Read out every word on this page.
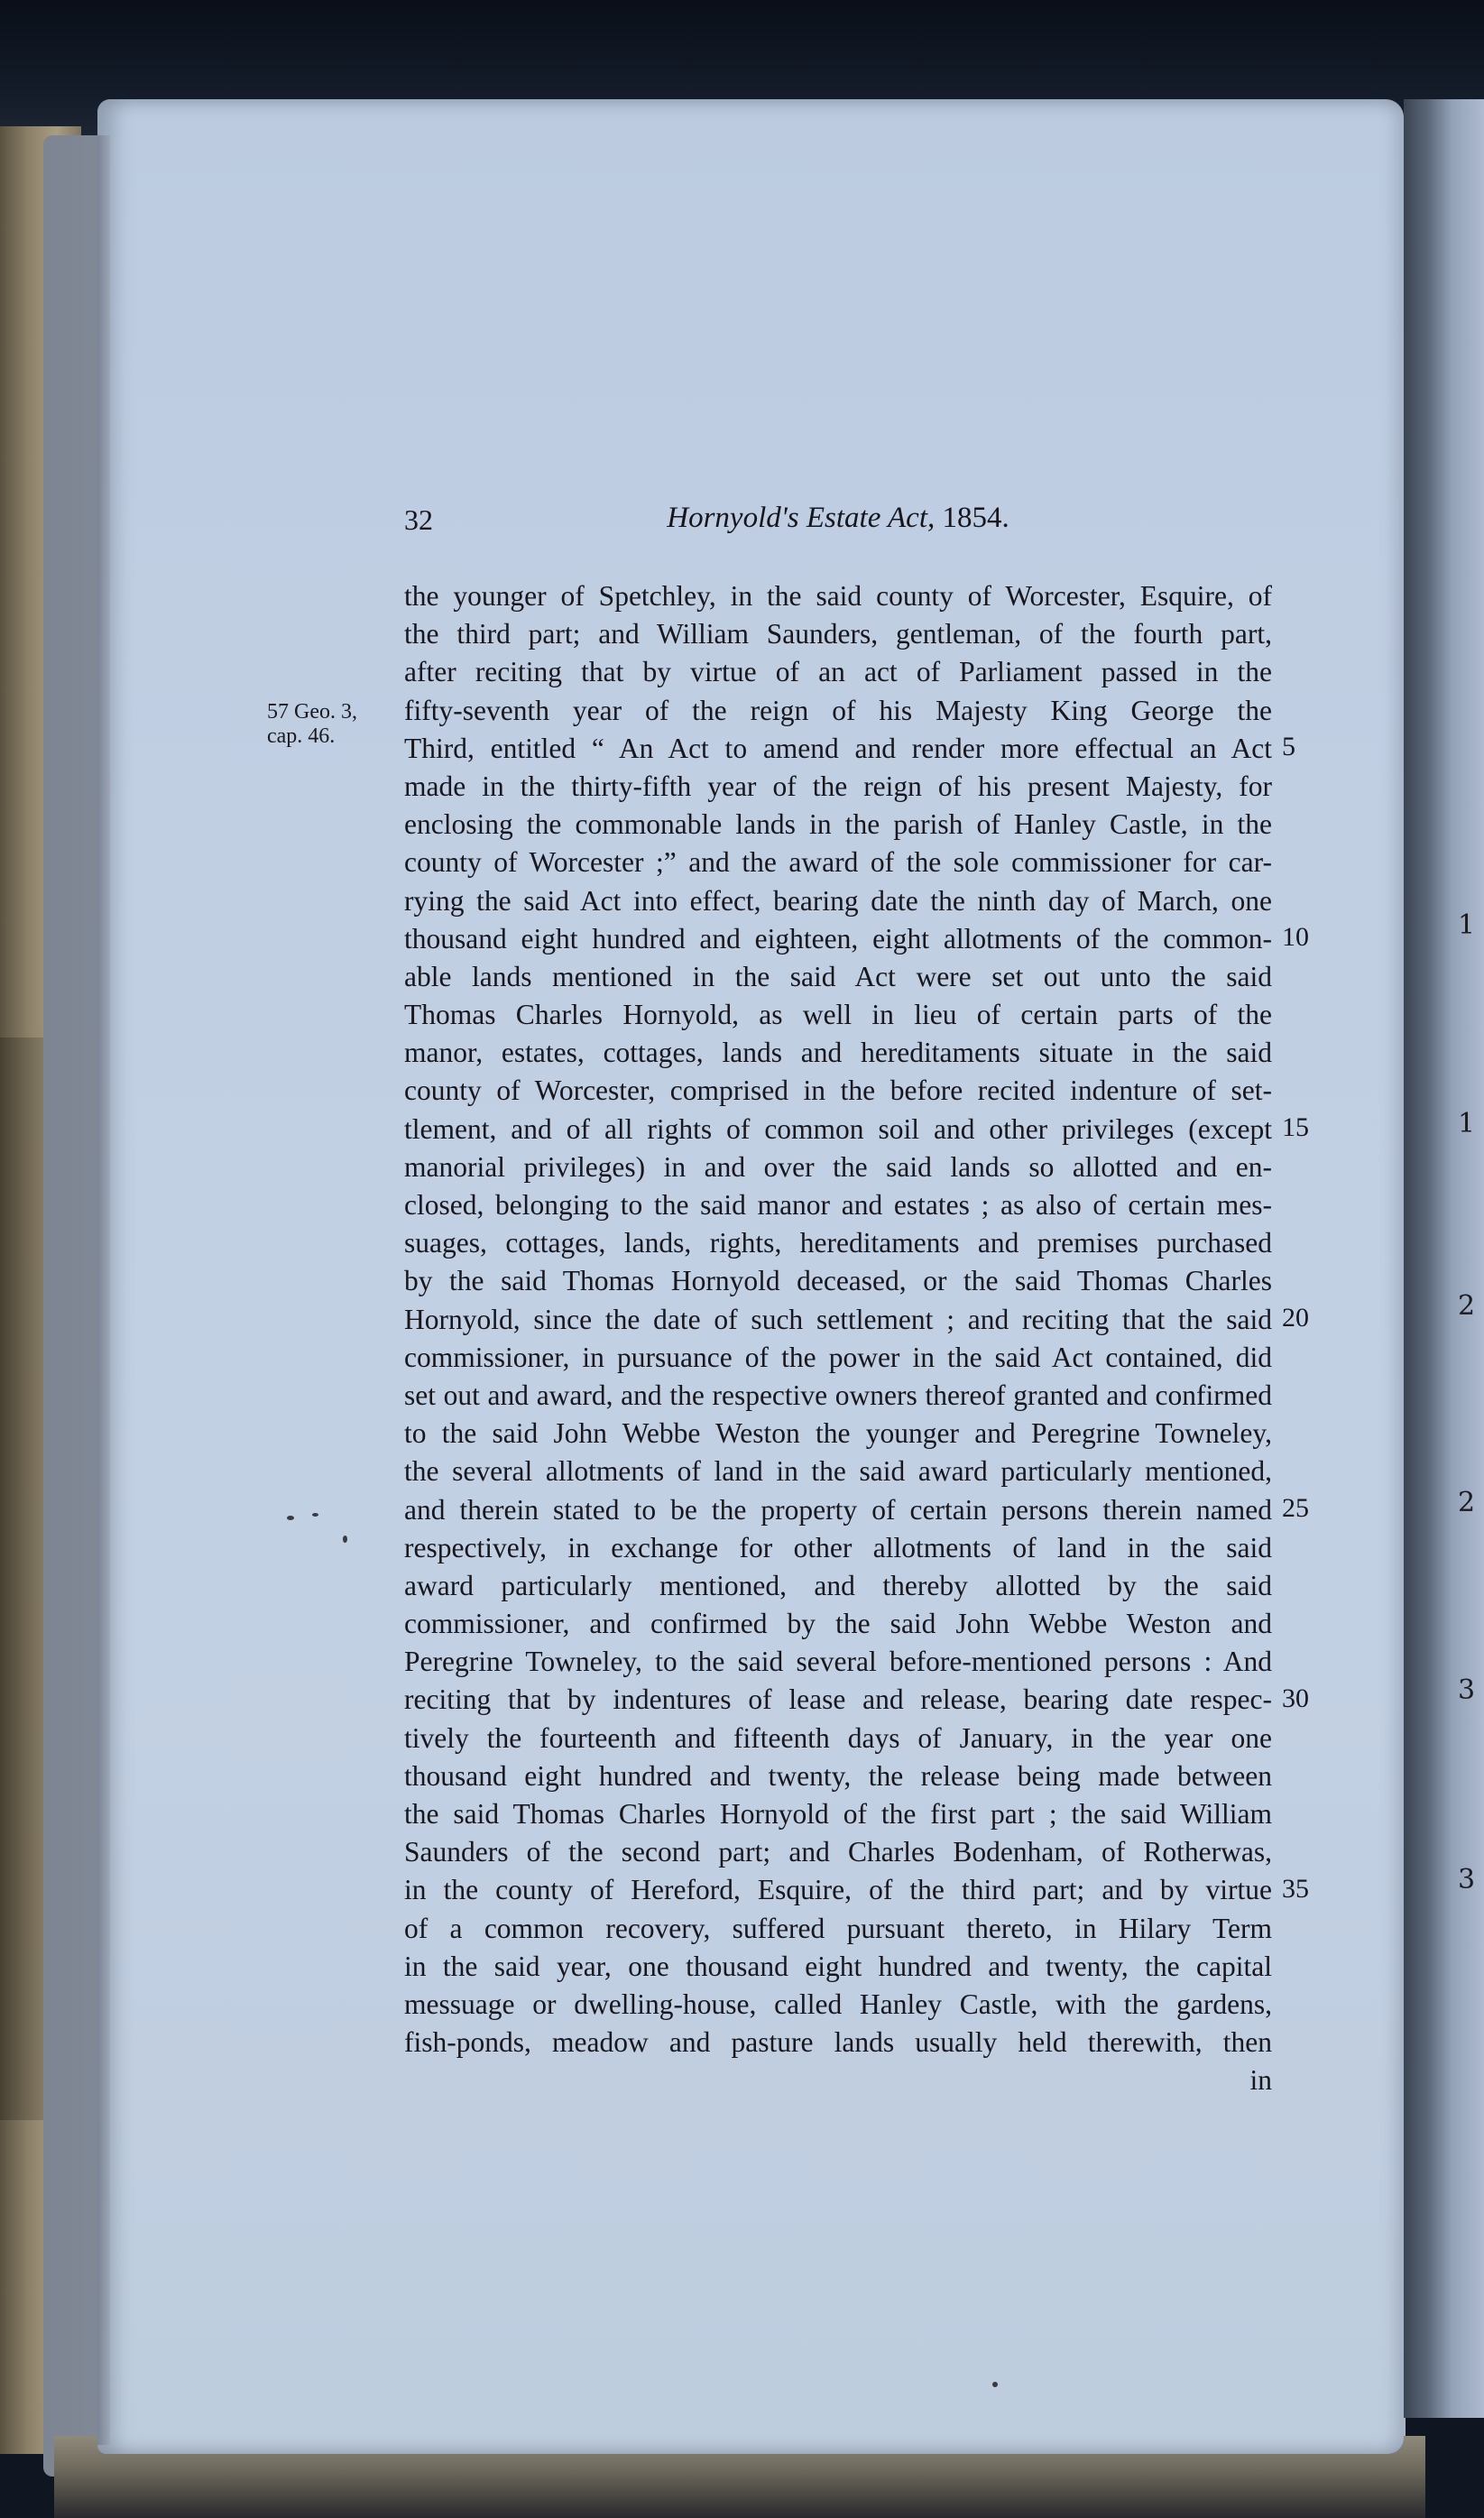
1
1
2
2
3
3
32	Hornyold's Estate Act, 1854.
57 Geo. 3,
cap. 46.
the younger of Spetchley, in the said county of Worcester, Esquire, of
the third part; and William Saunders, gentleman, of the fourth part,
after reciting that by virtue of an act of Parliament passed in the
fifty-seventh year of the reign of his Majesty King George the
Third, entitled “ An Act to amend and render more effectual an Act
made in the thirty-fifth year of the reign of his present Majesty, for
enclosing the commonable lands in the parish of Hanley Castle, in the
county of Worcester ;” and the award of the sole commissioner for car-
rying the said Act into effect, bearing date the ninth day of March, one
thousand eight hundred and eighteen, eight allotments of the common-
able lands mentioned in the said Act were set out unto the said
Thomas Charles Hornyold, as well in lieu of certain parts of the
manor, estates, cottages, lands and hereditaments situate in the said
county of Worcester, comprised in the before recited indenture of set-
tlement, and of all rights of common soil and other privileges (except
manorial privileges) in and over the said lands so allotted and en-
closed, belonging to the said manor and estates ; as also of certain mes-
suages, cottages, lands, rights, hereditaments and premises purchased
by the said Thomas Hornyold deceased, or the said Thomas Charles
Hornyold, since the date of such settlement ; and reciting that the said
commissioner, in pursuance of the power in the said Act contained, did
set out and award, and the respective owners thereof granted and confirmed
to the said John Webbe Weston the younger and Peregrine Towneley,
the several allotments of land in the said award particularly mentioned,
and therein stated to be the property of certain persons therein named
respectively, in exchange for other allotments of land in the said
award particularly mentioned, and thereby allotted by the said
commissioner, and confirmed by the said John Webbe Weston and
Peregrine Towneley, to the said several before-mentioned persons : And
reciting that by indentures of lease and release, bearing date respec-
tively the fourteenth and fifteenth days of January, in the year one
thousand eight hundred and twenty, the release being made between
the said Thomas Charles Hornyold of the first part ; the said William
Saunders of the second part; and Charles Bodenham, of Rotherwas,
in the county of Hereford, Esquire, of the third part; and by virtue
of a common recovery, suffered pursuant thereto, in Hilary Term
in the said year, one thousand eight hundred and twenty, the capital
messuage or dwelling-house, called Hanley Castle, with the gardens,
fish-ponds, meadow and pasture lands usually held therewith, then
in
5
10
15
20
25
30
35
